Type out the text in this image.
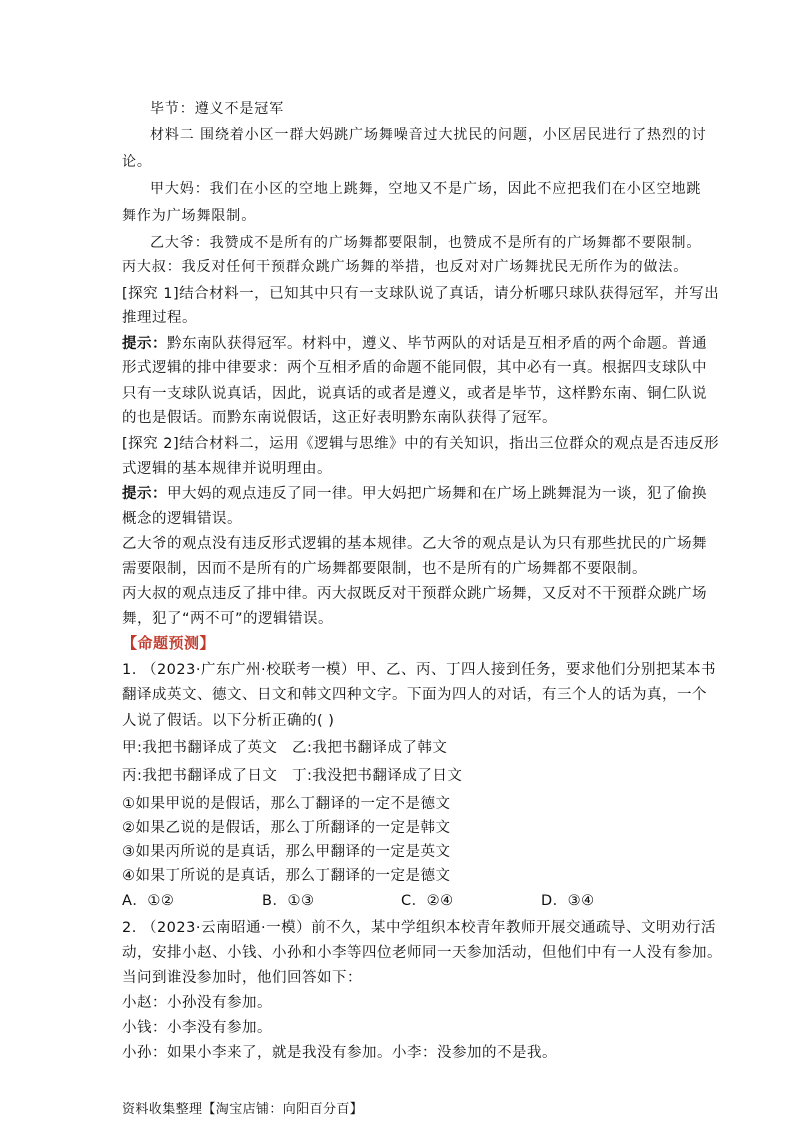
毕节：遵义不是冠军
材料二 围绕着小区一群大妈跳广场舞噪音过大扰民的问题，小区居民进行了热烈的讨
论。
甲大妈：我们在小区的空地上跳舞，空地又不是广场，因此不应把我们在小区空地跳
舞作为广场舞限制。
乙大爷：我赞成不是所有的广场舞都要限制，也赞成不是所有的广场舞都不要限制。
丙大叔：我反对任何干预群众跳广场舞的举措，也反对对广场舞扰民无所作为的做法。
[探究 1]结合材料一，已知其中只有一支球队说了真话，请分析哪只球队获得冠军，并写出
推理过程。
提示：黔东南队获得冠军。材料中，遵义、毕节两队的对话是互相矛盾的两个命题。普通
形式逻辑的排中律要求：两个互相矛盾的命题不能同假，其中必有一真。根据四支球队中
只有一支球队说真话，因此，说真话的或者是遵义，或者是毕节，这样黔东南、铜仁队说
的也是假话。而黔东南说假话，这正好表明黔东南队获得了冠军。
[探究 2]结合材料二，运用《逻辑与思维》中的有关知识，指出三位群众的观点是否违反形
式逻辑的基本规律并说明理由。
提示：甲大妈的观点违反了同一律。甲大妈把广场舞和在广场上跳舞混为一谈，犯了偷换
概念的逻辑错误。
乙大爷的观点没有违反形式逻辑的基本规律。乙大爷的观点是认为只有那些扰民的广场舞
需要限制，因而不是所有的广场舞都要限制，也不是所有的广场舞都不要限制。
丙大叔的观点违反了排中律。丙大叔既反对干预群众跳广场舞，又反对不干预群众跳广场
舞，犯了“两不可”的逻辑错误。
【命题预测】
1. （2023·广东广州·校联考一模）甲、乙、丙、丁四人接到任务，要求他们分别把某本书
翻译成英文、德文、日文和韩文四种文字。下面为四人的对话，有三个人的话为真，一个
人说了假话。以下分析正确的( )
甲:我把书翻译成了英文 乙:我把书翻译成了韩文
丙:我把书翻译成了日文 丁:我没把书翻译成了日文
①如果甲说的是假话，那么丁翻译的一定不是德文
②如果乙说的是假话，那么丁所翻译的一定是韩文
③如果丙所说的是真话，那么甲翻译的一定是英文
④如果丁所说的是真话，那么丁翻译的一定是德文
A．①②	B．①③	C．②④	D．③④
2. （2023·云南昭通·一模）前不久，某中学组织本校青年教师开展交通疏导、文明劝行活
动，安排小赵、小钱、小孙和小李等四位老师同一天参加活动，但他们中有一人没有参加。
当问到谁没参加时，他们回答如下：
小赵：小孙没有参加。
小钱：小李没有参加。
小孙：如果小李来了，就是我没有参加。小李：没参加的不是我。
资料收集整理【淘宝店铺：向阳百分百】
